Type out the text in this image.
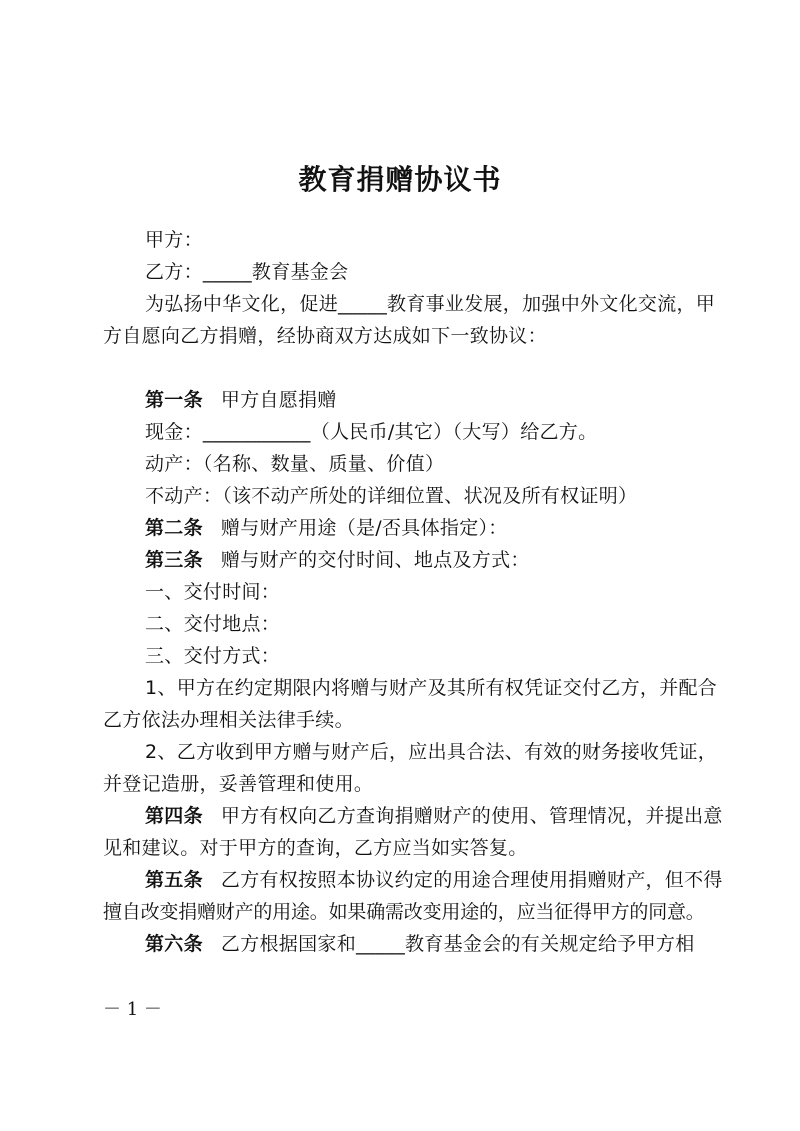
教育捐赠协议书
甲方：
乙方：_____教育基金会
为弘扬中华文化，促进_____教育事业发展，加强中外文化交流，甲
方自愿向乙方捐赠，经协商双方达成如下一致协议：
第一条 甲方自愿捐赠
现金：___________（人民币/其它）（大写）给乙方。
动产：（名称、数量、质量、价值）
不动产：（该不动产所处的详细位置、状况及所有权证明）
第二条 赠与财产用途（是/否具体指定）：
第三条 赠与财产的交付时间、地点及方式：
一、交付时间：
二、交付地点：
三、交付方式：
1、甲方在约定期限内将赠与财产及其所有权凭证交付乙方，并配合
乙方依法办理相关法律手续。
2、乙方收到甲方赠与财产后，应出具合法、有效的财务接收凭证，
并登记造册，妥善管理和使用。
第四条 甲方有权向乙方查询捐赠财产的使用、管理情况，并提出意
见和建议。对于甲方的查询，乙方应当如实答复。
第五条 乙方有权按照本协议约定的用途合理使用捐赠财产，但不得
擅自改变捐赠财产的用途。如果确需改变用途的，应当征得甲方的同意。
第六条 乙方根据国家和_____教育基金会的有关规定给予甲方相
－ 1 －
